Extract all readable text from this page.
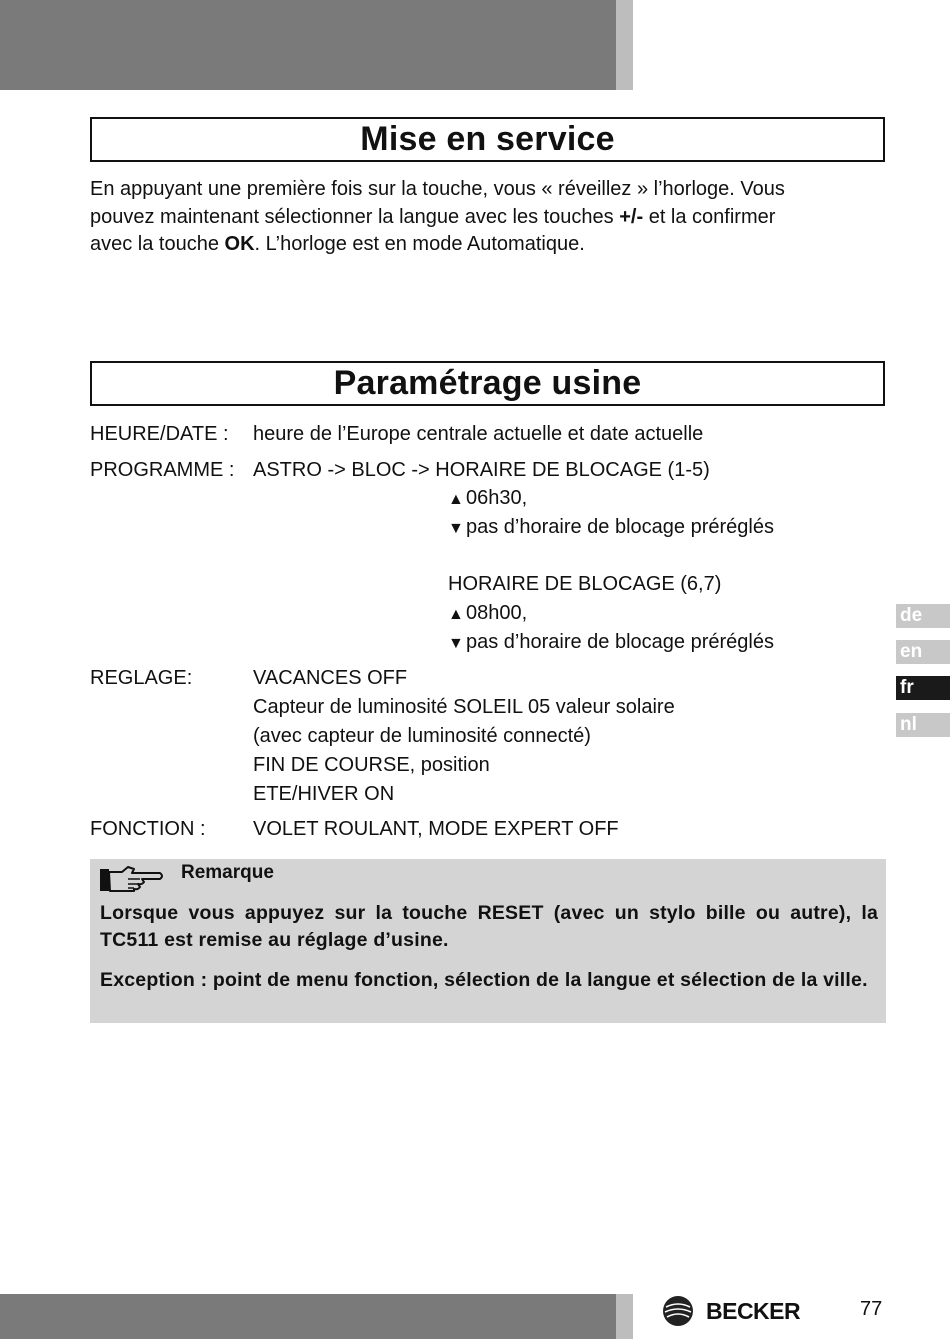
Mise en service
En appuyant une première fois sur la touche, vous « réveillez » l’horloge. Vous
pouvez maintenant sélectionner la langue avec les touches +/- et la confirmer
avec la touche OK. L’horloge est en mode Automatique.
Paramétrage usine
HEURE/DATE : heure de l’Europe centrale actuelle et date actuelle
PROGRAMME : ASTRO -> BLOC -> HORAIRE DE BLOCAGE (1-5)
▲ 06h30,
▼ pas d’horaire de blocage préréglés
HORAIRE DE BLOCAGE (6,7)
▲ 08h00,
▼ pas d’horaire de blocage préréglés
REGLAGE:	VACANCES OFF
Capteur de luminosité SOLEIL 05 valeur solaire
(avec capteur de luminosité connecté)
FIN DE COURSE, position
ETE/HIVER ON
FONCTION : VOLET ROULANT, MODE EXPERT OFF
Remarque
Lorsque vous appuyez sur la touche RESET (avec un stylo bille ou autre), la TC511 est remise au réglage d’usine.
Exception : point de menu fonction, sélection de la langue et sélection de la ville.
de
en
fr
nl
BECKER	77
